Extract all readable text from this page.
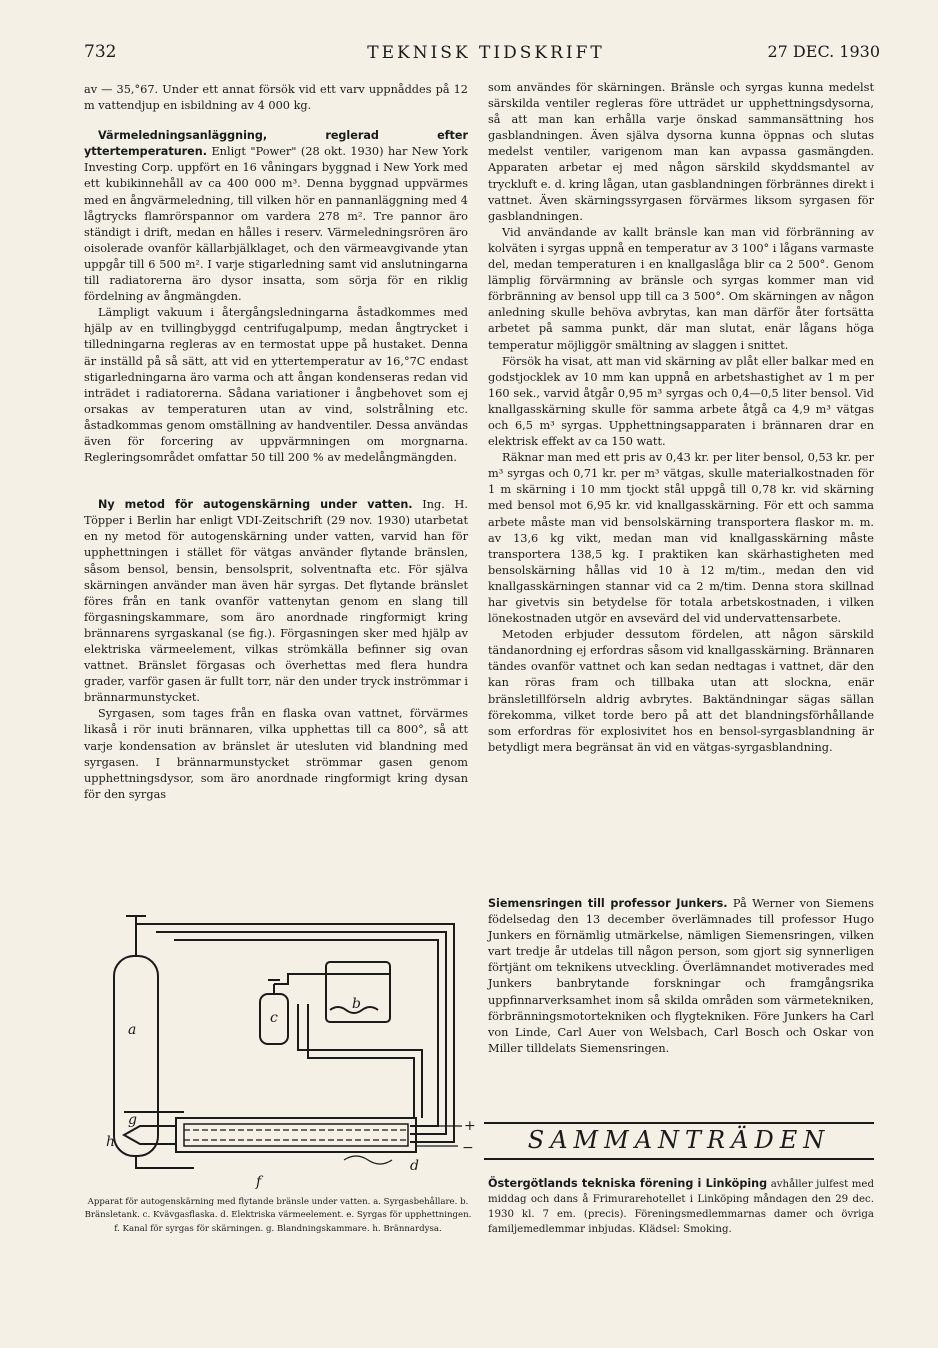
732	TEKNISK TIDSKRIFT	27 DEC. 1930

av — 35,°67. Under ett annat försök vid ett varv uppnåddes på 12 m vattendjup en isbildning av 4 000 kg.

Värmeledningsanläggning, reglerad efter yttertemperaturen. Enligt "Power" (28 okt. 1930) har New York Investing Corp. uppfört en 16 våningars byggnad i New York med ett kubikinnehåll av ca 400 000 m³. Denna byggnad uppvärmes med en ångvärmeledning, till vilken hör en pannanläggning med 4 lågtrycks flamrörspannor om vardera 278 m². Tre pannor äro ständigt i drift, medan en hålles i reserv. Värmeledningsrören äro oisolerade ovanför källarbjälklaget, och den värmeavgivande ytan uppgår till 6 500 m². I varje stigarledning samt vid anslutningarna till radiatorerna äro dysor insatta, som sörja för en riklig fördelning av ångmängden.

Lämpligt vakuum i återgångsledningarna åstadkommes med hjälp av en tvillingbyggd centrifugalpump, medan ångtrycket i tilledningarna regleras av en termostat uppe på hustaket. Denna är inställd på så sätt, att vid en yttertemperatur av 16,°7C endast stigarledningarna äro varma och att ångan kondenseras redan vid inträdet i radiatorerna. Sådana variationer i ångbehovet som ej orsakas av temperaturen utan av vind, solstrålning etc. åstadkommas genom omställning av handventiler. Dessa användas även för forcering av uppvärmningen om morgnarna. Regleringsområdet omfattar 50 till 200 % av medelångmängden.

Ny metod för autogenskärning under vatten. Ing. H. Töpper i Berlin har enligt VDI-Zeitschrift (29 nov. 1930) utarbetat en ny metod för autogenskärning under vatten, varvid han för upphettningen i stället för vätgas använder flytande bränslen, såsom bensol, bensin, bensolsprit, solventnafta etc. För själva skärningen använder man även här syrgas. Det flytande bränslet föres från en tank ovanför vattenytan genom en slang till förgasningskammare, som äro anordnade ringformigt kring brännarens syrgaskanal (se fig.). Förgasningen sker med hjälp av elektriska värmeelement, vilkas strömkälla befinner sig ovan vattnet. Bränslet förgasas och överhettas med flera hundra grader, varför gasen är fullt torr, när den under tryck inströmmar i brännarmunstycket.

Syrgasen, som tages från en flaska ovan vattnet, förvärmes likaså i rör inuti brännaren, vilka upphettas till ca 800°, så att varje kondensation av bränslet är utesluten vid blandning med syrgasen. I brännarmunstycket strömmar gasen genom upphettningsdysor, som äro anordnade ringformigt kring dysan för den syrgas

som användes för skärningen. Bränsle och syrgas kunna medelst särskilda ventiler regleras före utträdet ur upphettningsdysorna, så att man kan erhålla varje önskad sammansättning hos gasblandningen. Även själva dysorna kunna öppnas och slutas medelst ventiler, varigenom man kan avpassa gasmängden. Apparaten arbetar ej med någon särskild skyddsmantel av tryckluft e. d. kring lågan, utan gasblandningen förbrännes direkt i vattnet. Även skärningssyrgasen förvärmes liksom syrgasen för gasblandningen.

Vid användande av kallt bränsle kan man vid förbränning av kolväten i syrgas uppnå en temperatur av 3 100° i lågans varmaste del, medan temperaturen i en knallgaslåga blir ca 2 500°. Genom lämplig förvärmning av bränsle och syrgas kommer man vid förbränning av bensol upp till ca 3 500°. Om skärningen av någon anledning skulle behöva avbrytas, kan man därför åter fortsätta arbetet på samma punkt, där man slutat, enär lågans höga temperatur möjliggör smältning av slaggen i snittet.

Försök ha visat, att man vid skärning av plåt eller balkar med en godstjocklek av 10 mm kan uppnå en arbetshastighet av 1 m per 160 sek., varvid åtgår 0,95 m³ syrgas och 0,4—0,5 liter bensol. Vid knallgasskärning skulle för samma arbete åtgå ca 4,9 m³ vätgas och 6,5 m³ syrgas. Upphettningsapparaten i brännaren drar en elektrisk effekt av ca 150 watt.

Räknar man med ett pris av 0,43 kr. per liter bensol, 0,53 kr. per m³ syrgas och 0,71 kr. per m³ vätgas, skulle materialkostnaden för 1 m skärning i 10 mm tjockt stål uppgå till 0,78 kr. vid skärning med bensol mot 6,95 kr. vid knallgasskärning. För ett och samma arbete måste man vid bensolskärning transportera flaskor m. m. av 13,6 kg vikt, medan man vid knallgasskärning måste transportera 138,5 kg. I praktiken kan skärhastigheten med bensolskärning hållas vid 10 à 12 m/tim., medan den vid knallgasskärningen stannar vid ca 2 m/tim. Denna stora skillnad har givetvis sin betydelse för totala arbetskostnaden, i vilken lönekostnaden utgör en avsevärd del vid undervattensarbete.

Metoden erbjuder dessutom fördelen, att någon särskild tändanordning ej erfordras såsom vid knallgasskärning. Brännaren tändes ovanför vattnet och kan sedan nedtagas i vattnet, där den kan röras fram och tillbaka utan att slockna, enär bränsletillförseln aldrig avbrytes. Baktändningar sägas sällan förekomma, vilket torde bero på att det blandningsförhållande som erfordras för explosivitet hos en bensol-syrgasblandning är betydligt mera begränsat än vid en vätgas-syrgasblandning.

a
b
c
d
f
g
h
+
−
Apparat för autogenskärning med flytande bränsle under vatten. a. Syrgasbehållare. b. Bränsletank. c. Kvävgasflaska. d. Elektriska värmeelement. e. Syrgas för upphettningen. f. Kanal för syrgas för skärningen. g. Blandningskammare. h. Brännardysa.

Siemensringen till professor Junkers. På Werner von Siemens födelsedag den 13 december överlämnades till professor Hugo Junkers en förnämlig utmärkelse, nämligen Siemensringen, vilken vart tredje år utdelas till någon person, som gjort sig synnerligen förtjänt om teknikens utveckling. Överlämnandet motiverades med Junkers banbrytande forskningar och framgångsrika uppfinnarverksamhet inom så skilda områden som värmetekniken, förbränningsmotortekniken och flygtekniken. Före Junkers ha Carl von Linde, Carl Auer von Welsbach, Carl Bosch och Oskar von Miller tilldelats Siemensringen.

SAMMANTRÄDEN

Östergötlands tekniska förening i Linköping avhåller julfest med middag och dans å Frimurarehotellet i Linköping måndagen den 29 dec. 1930 kl. 7 em. (precis). Föreningsmedlemmarnas damer och övriga familjemedlemmar inbjudas. Klädsel: Smoking.
